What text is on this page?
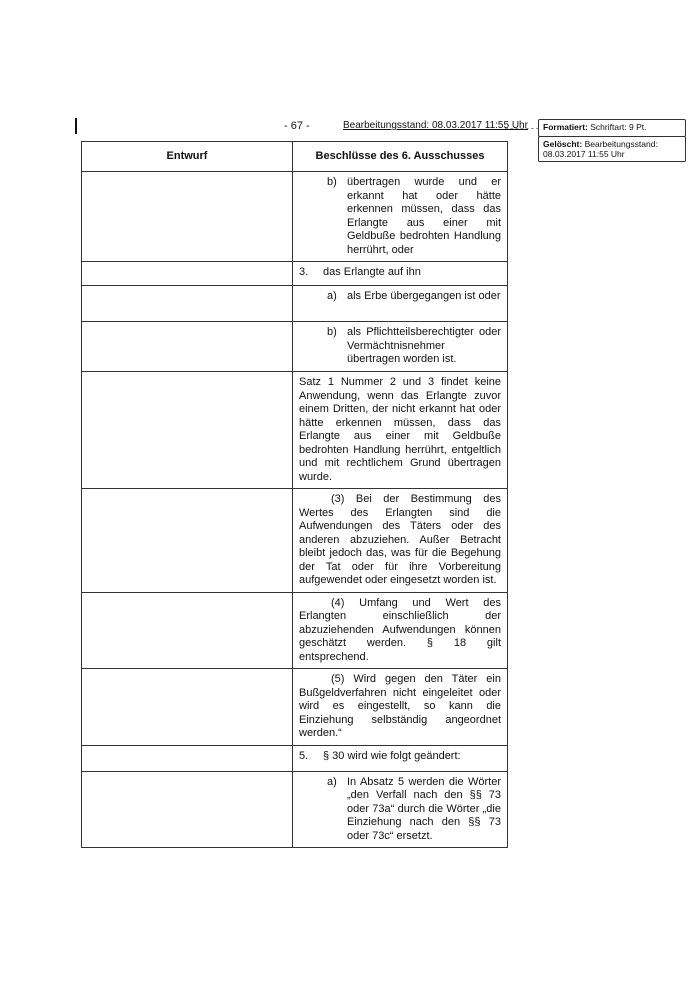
- 67 -	Bearbeitungsstand: 08.03.2017 11:55 Uhr	Formatiert: Schriftart: 9 Pt.
Gelöscht: Bearbeitungsstand: 08.03.2017 11:55 Uhr
Entwurf	Beschlüsse des 6. Ausschusses

	b) übertragen wurde und er erkannt hat oder hätte erkennen müssen, dass das Erlangte aus einer mit Geldbuße bedrohten Handlung herrührt, oder

	3. das Erlangte auf ihn

	a) als Erbe übergegangen ist oder

	b) als Pflichtteilsberechtigter oder Vermächtnisnehmer übertragen worden ist.

	Satz 1 Nummer 2 und 3 findet keine Anwendung, wenn das Erlangte zuvor einem Dritten, der nicht erkannt hat oder hätte erkennen müssen, dass das Erlangte aus einer mit Geldbuße bedrohten Handlung herrührt, entgeltlich und mit rechtlichem Grund übertragen wurde.

	(3) Bei der Bestimmung des Wertes des Erlangten sind die Aufwendungen des Täters oder des anderen abzuziehen. Außer Betracht bleibt jedoch das, was für die Begehung der Tat oder für ihre Vorbereitung aufgewendet oder eingesetzt worden ist.

	(4) Umfang und Wert des Erlangten einschließlich der abzuziehenden Aufwendungen können geschätzt werden. § 18 gilt entsprechend.

	(5) Wird gegen den Täter ein Bußgeldverfahren nicht eingeleitet oder wird es eingestellt, so kann die Einziehung selbständig angeordnet werden.“

	5. § 30 wird wie folgt geändert:

	a) In Absatz 5 werden die Wörter „den Verfall nach den §§ 73 oder 73a“ durch die Wörter „die Einziehung nach den §§ 73 oder 73c“ ersetzt.
